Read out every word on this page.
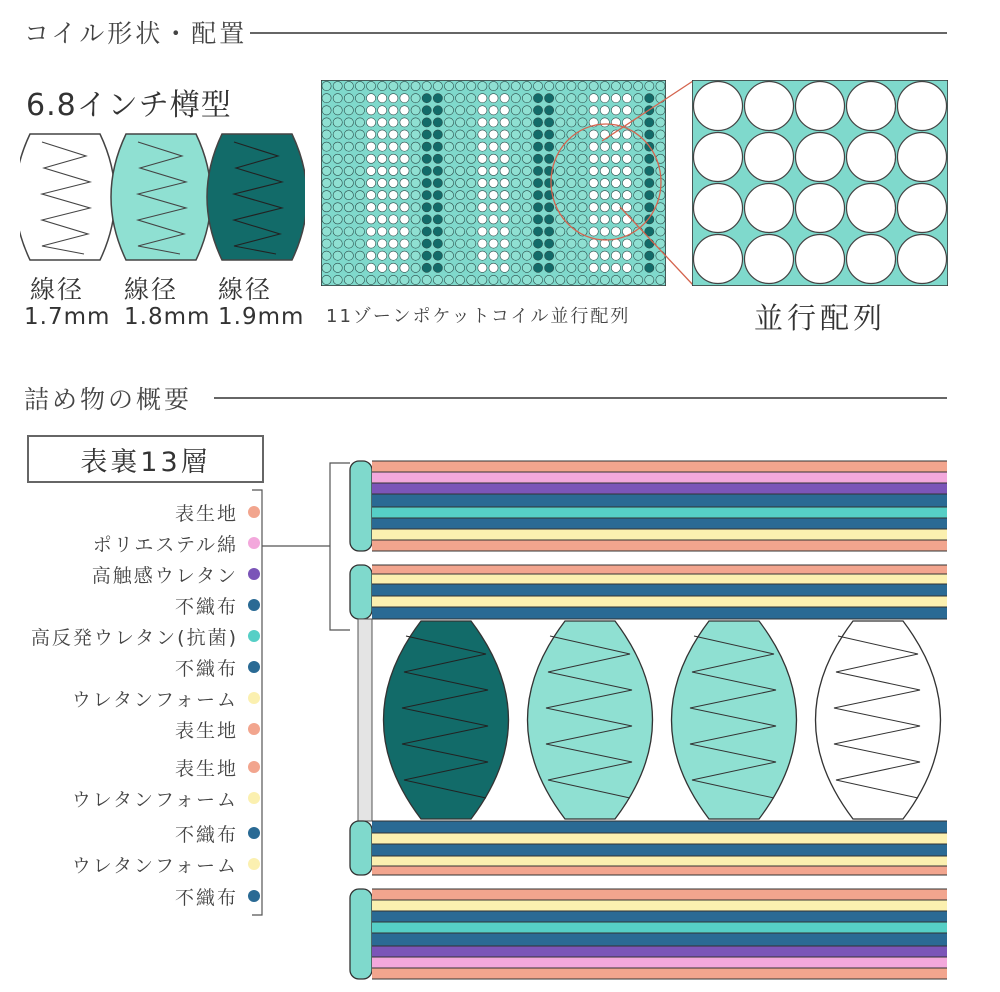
コイル形状・配置
6.8インチ樽型
線径
1.7mm
線径
1.8mm
線径
1.9mm 11ゾーンポケットコイル並行配列	並行配列
詰め物の概要
表裏13層
表生地
ポリエステル綿
高触感ウレタン
不織布
高反発ウレタン(抗菌)
不織布
ウレタンフォーム
表生地
表生地
ウレタンフォーム
不織布
ウレタンフォーム
不織布
